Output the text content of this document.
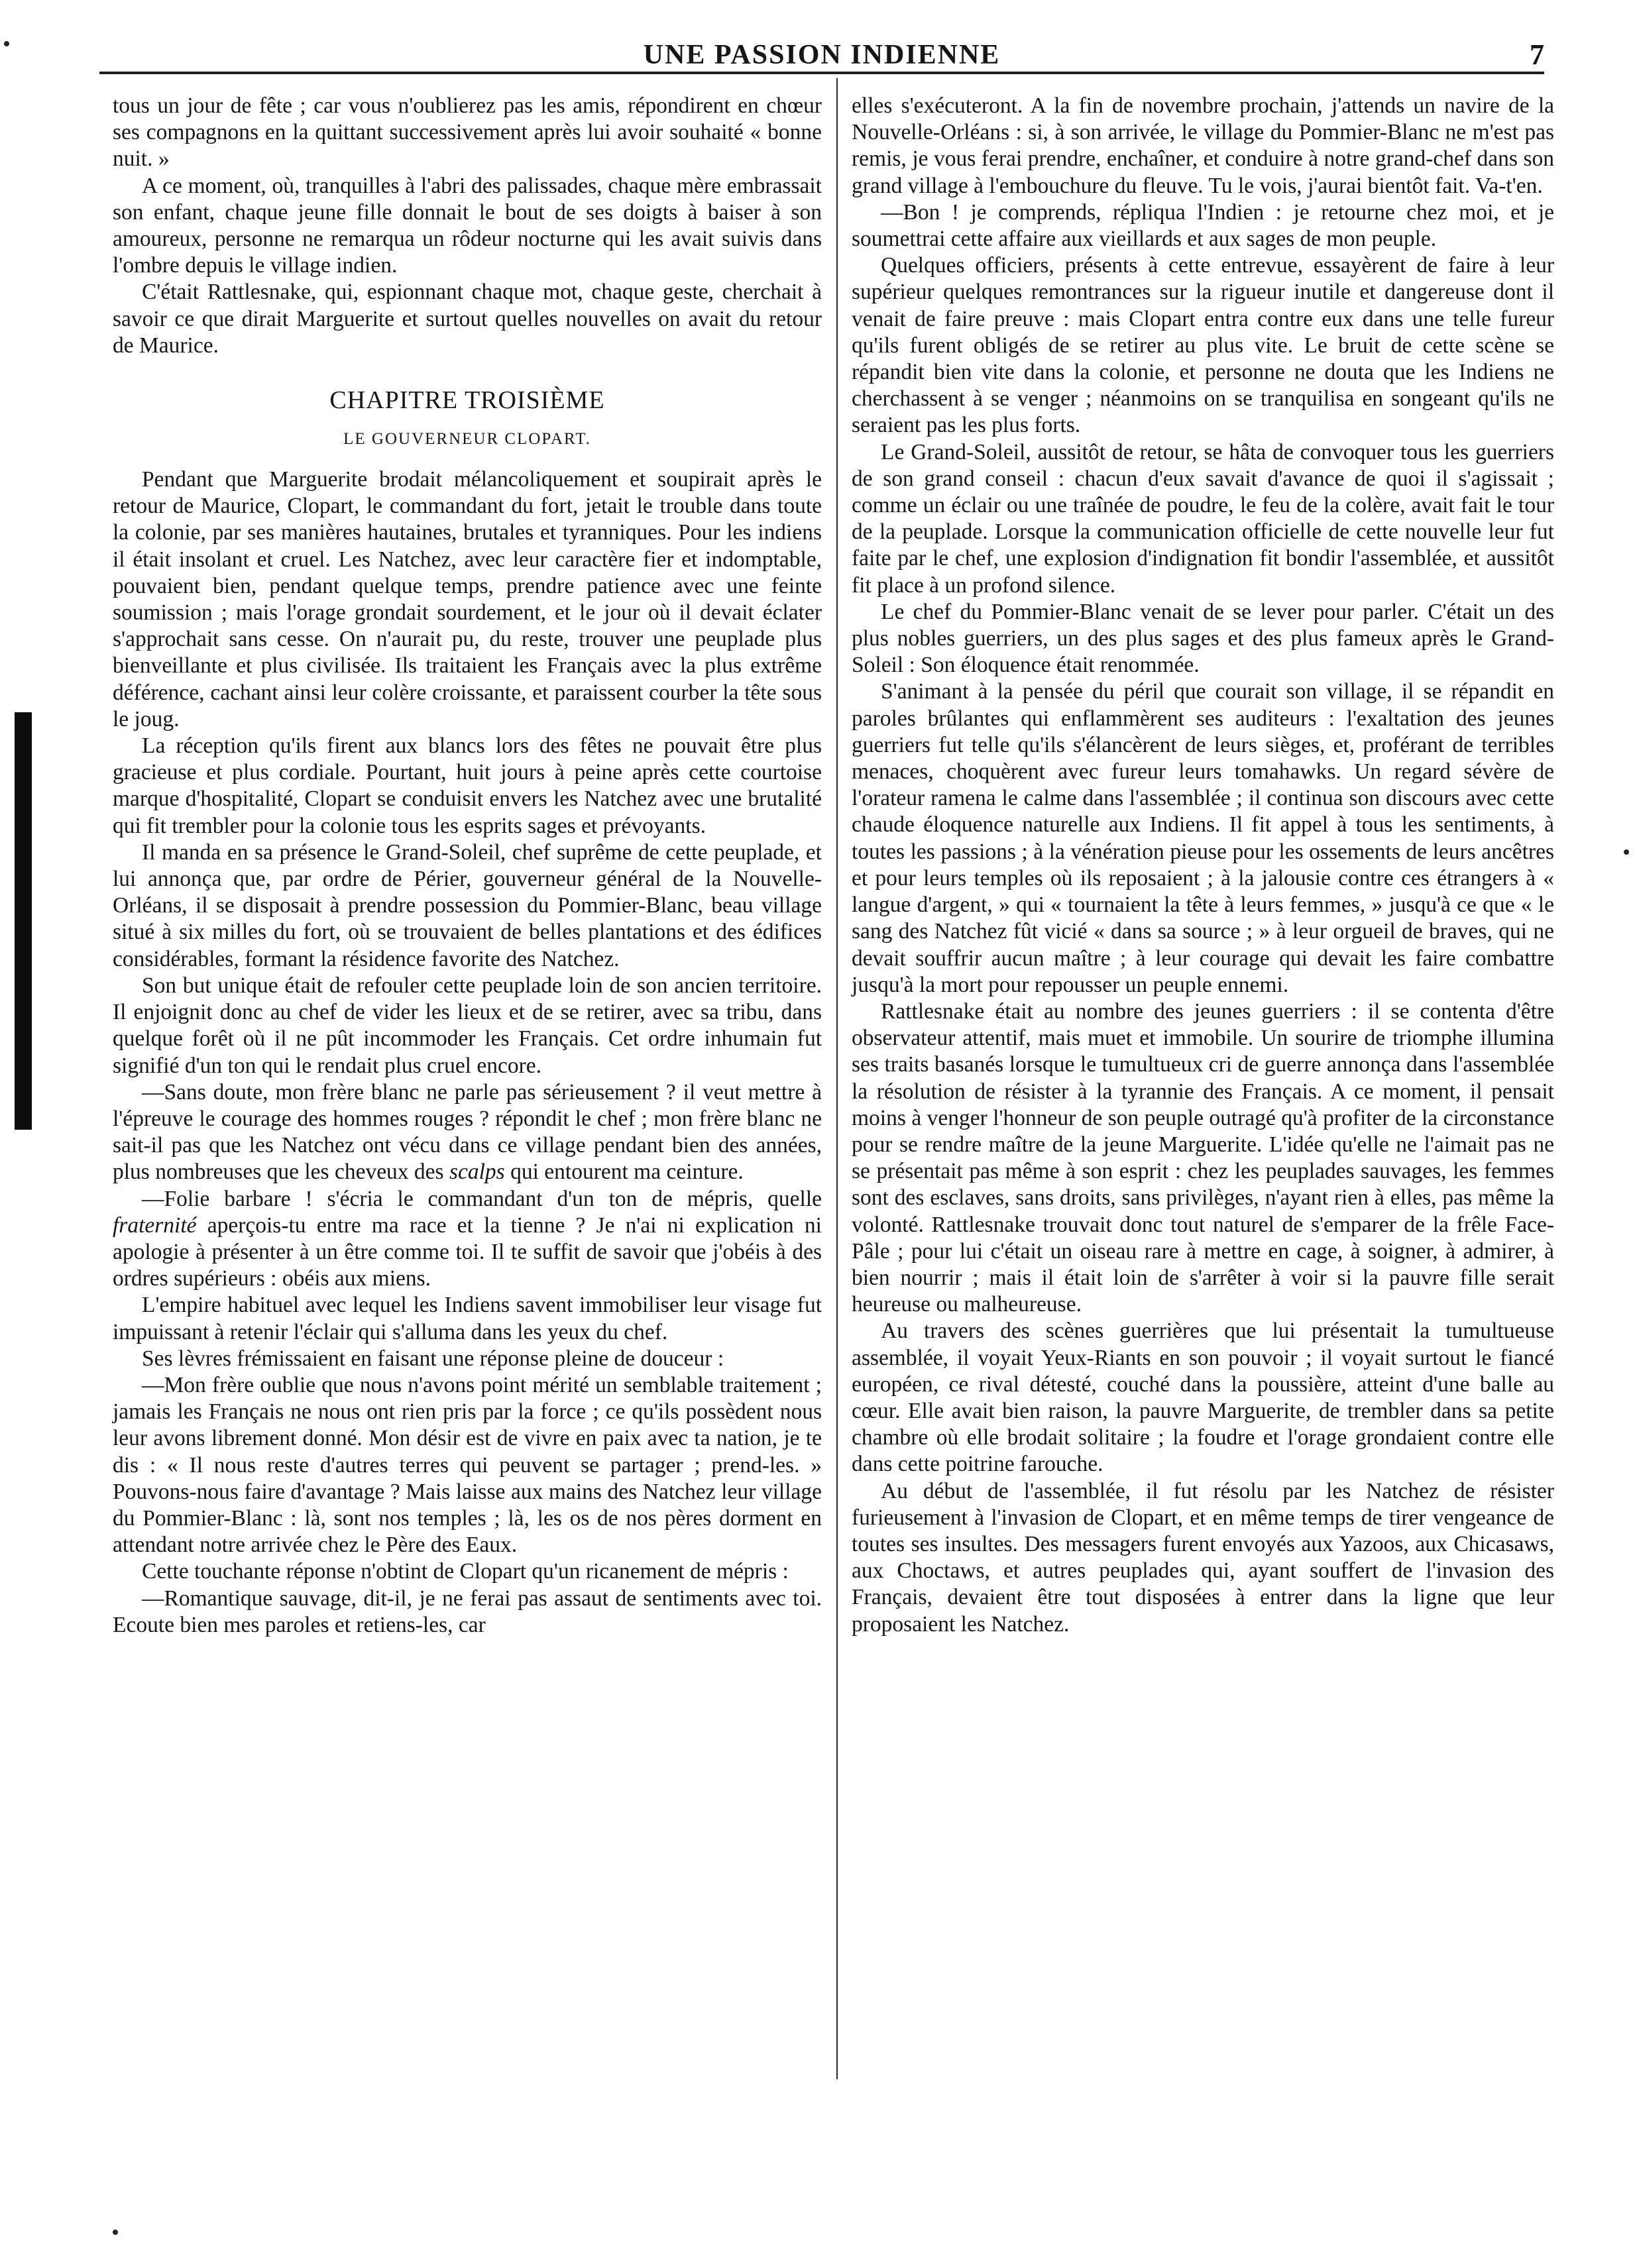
UNE PASSION INDIENNE	7

tous un jour de fête ; car vous n'oublierez pas les amis, répondirent en chœur ses compagnons en la quittant successivement après lui avoir souhaité « bonne nuit. »

A ce moment, où, tranquilles à l'abri des palissades, chaque mère embrassait son enfant, chaque jeune fille donnait le bout de ses doigts à baiser à son amoureux, personne ne remarqua un rôdeur nocturne qui les avait suivis dans l'ombre depuis le village indien.

C'était Rattlesnake, qui, espionnant chaque mot, chaque geste, cherchait à savoir ce que dirait Marguerite et surtout quelles nouvelles on avait du retour de Maurice.

CHAPITRE TROISIÈME
LE GOUVERNEUR CLOPART.

Pendant que Marguerite brodait mélancoliquement et soupirait après le retour de Maurice, Clopart, le commandant du fort, jetait le trouble dans toute la colonie, par ses manières hautaines, brutales et tyranniques. Pour les indiens il était insolant et cruel. Les Natchez, avec leur caractère fier et indomptable, pouvaient bien, pendant quelque temps, prendre patience avec une feinte soumission ; mais l'orage grondait sourdement, et le jour où il devait éclater s'approchait sans cesse. On n'aurait pu, du reste, trouver une peuplade plus bienveillante et plus civilisée. Ils traitaient les Français avec la plus extrême déférence, cachant ainsi leur colère croissante, et paraissent courber la tête sous le joug.

La réception qu'ils firent aux blancs lors des fêtes ne pouvait être plus gracieuse et plus cordiale. Pourtant, huit jours à peine après cette courtoise marque d'hospitalité, Clopart se conduisit envers les Natchez avec une brutalité qui fit trembler pour la colonie tous les esprits sages et prévoyants.

Il manda en sa présence le Grand-Soleil, chef suprême de cette peuplade, et lui annonça que, par ordre de Périer, gouverneur général de la Nouvelle-Orléans, il se disposait à prendre possession du Pommier-Blanc, beau village situé à six milles du fort, où se trouvaient de belles plantations et des édifices considérables, formant la résidence favorite des Natchez.

Son but unique était de refouler cette peuplade loin de son ancien territoire. Il enjoignit donc au chef de vider les lieux et de se retirer, avec sa tribu, dans quelque forêt où il ne pût incommoder les Français. Cet ordre inhumain fut signifié d'un ton qui le rendait plus cruel encore.

—Sans doute, mon frère blanc ne parle pas sérieusement ? il veut mettre à l'épreuve le courage des hommes rouges ? répondit le chef ; mon frère blanc ne sait-il pas que les Natchez ont vécu dans ce village pendant bien des années, plus nombreuses que les cheveux des scalps qui entourent ma ceinture.

—Folie barbare ! s'écria le commandant d'un ton de mépris, quelle fraternité aperçois-tu entre ma race et la tienne ? Je n'ai ni explication ni apologie à présenter à un être comme toi. Il te suffit de savoir que j'obéis à des ordres supérieurs : obéis aux miens.

L'empire habituel avec lequel les Indiens savent immobiliser leur visage fut impuissant à retenir l'éclair qui s'alluma dans les yeux du chef.

Ses lèvres frémissaient en faisant une réponse pleine de douceur :

—Mon frère oublie que nous n'avons point mérité un semblable traitement ; jamais les Français ne nous ont rien pris par la force ; ce qu'ils possèdent nous leur avons librement donné. Mon désir est de vivre en paix avec ta nation, je te dis : « Il nous reste d'autres terres qui peuvent se partager ; prend-les. » Pouvons-nous faire d'avantage ? Mais laisse aux mains des Natchez leur village du Pommier-Blanc : là, sont nos temples ; là, les os de nos pères dorment en attendant notre arrivée chez le Père des Eaux.

Cette touchante réponse n'obtint de Clopart qu'un ricanement de mépris :

—Romantique sauvage, dit-il, je ne ferai pas assaut de sentiments avec toi. Ecoute bien mes paroles et retiens-les, car

elles s'exécuteront. A la fin de novembre prochain, j'attends un navire de la Nouvelle-Orléans : si, à son arrivée, le village du Pommier-Blanc ne m'est pas remis, je vous ferai prendre, enchaîner, et conduire à notre grand-chef dans son grand village à l'embouchure du fleuve. Tu le vois, j'aurai bientôt fait. Va-t'en.

—Bon ! je comprends, répliqua l'Indien : je retourne chez moi, et je soumettrai cette affaire aux vieillards et aux sages de mon peuple.

Quelques officiers, présents à cette entrevue, essayèrent de faire à leur supérieur quelques remontrances sur la rigueur inutile et dangereuse dont il venait de faire preuve : mais Clopart entra contre eux dans une telle fureur qu'ils furent obligés de se retirer au plus vite. Le bruit de cette scène se répandit bien vite dans la colonie, et personne ne douta que les Indiens ne cherchassent à se venger ; néanmoins on se tranquilisa en songeant qu'ils ne seraient pas les plus forts.

Le Grand-Soleil, aussitôt de retour, se hâta de convoquer tous les guerriers de son grand conseil : chacun d'eux savait d'avance de quoi il s'agissait ; comme un éclair ou une traînée de poudre, le feu de la colère, avait fait le tour de la peuplade. Lorsque la communication officielle de cette nouvelle leur fut faite par le chef, une explosion d'indignation fit bondir l'assemblée, et aussitôt fit place à un profond silence.

Le chef du Pommier-Blanc venait de se lever pour parler. C'était un des plus nobles guerriers, un des plus sages et des plus fameux après le Grand-Soleil : Son éloquence était renommée.

S'animant à la pensée du péril que courait son village, il se répandit en paroles brûlantes qui enflammèrent ses auditeurs : l'exaltation des jeunes guerriers fut telle qu'ils s'élancèrent de leurs sièges, et, proférant de terribles menaces, choquèrent avec fureur leurs tomahawks. Un regard sévère de l'orateur ramena le calme dans l'assemblée ; il continua son discours avec cette chaude éloquence naturelle aux Indiens. Il fit appel à tous les sentiments, à toutes les passions ; à la vénération pieuse pour les ossements de leurs ancêtres et pour leurs temples où ils reposaient ; à la jalousie contre ces étrangers à « langue d'argent, » qui « tournaient la tête à leurs femmes, » jusqu'à ce que « le sang des Natchez fût vicié « dans sa source ; » à leur orgueil de braves, qui ne devait souffrir aucun maître ; à leur courage qui devait les faire combattre jusqu'à la mort pour repousser un peuple ennemi.

Rattlesnake était au nombre des jeunes guerriers : il se contenta d'être observateur attentif, mais muet et immobile. Un sourire de triomphe illumina ses traits basanés lorsque le tumultueux cri de guerre annonça dans l'assemblée la résolution de résister à la tyrannie des Français. A ce moment, il pensait moins à venger l'honneur de son peuple outragé qu'à profiter de la circonstance pour se rendre maître de la jeune Marguerite. L'idée qu'elle ne l'aimait pas ne se présentait pas même à son esprit : chez les peuplades sauvages, les femmes sont des esclaves, sans droits, sans privilèges, n'ayant rien à elles, pas même la volonté. Rattlesnake trouvait donc tout naturel de s'emparer de la frêle Face-Pâle ; pour lui c'était un oiseau rare à mettre en cage, à soigner, à admirer, à bien nourrir ; mais il était loin de s'arrêter à voir si la pauvre fille serait heureuse ou malheureuse.

Au travers des scènes guerrières que lui présentait la tumultueuse assemblée, il voyait Yeux-Riants en son pouvoir ; il voyait surtout le fiancé européen, ce rival détesté, couché dans la poussière, atteint d'une balle au cœur. Elle avait bien raison, la pauvre Marguerite, de trembler dans sa petite chambre où elle brodait solitaire ; la foudre et l'orage grondaient contre elle dans cette poitrine farouche.

Au début de l'assemblée, il fut résolu par les Natchez de résister furieusement à l'invasion de Clopart, et en même temps de tirer vengeance de toutes ses insultes. Des messagers furent envoyés aux Yazoos, aux Chicasaws, aux Choctaws, et autres peuplades qui, ayant souffert de l'invasion des Français, devaient être tout disposées à entrer dans la ligne que leur proposaient les Natchez.
